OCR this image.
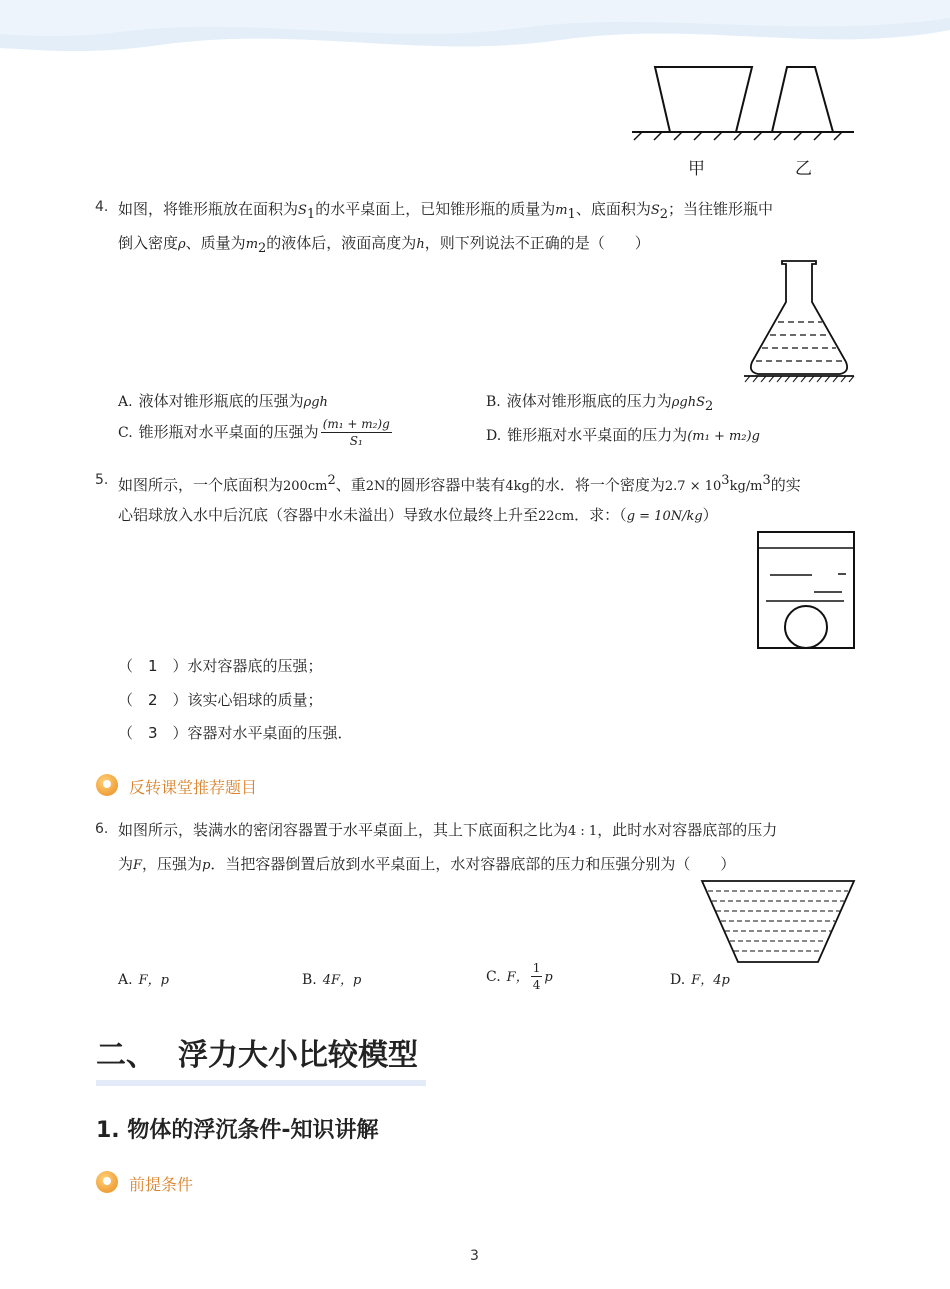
甲	乙
4. 如图，将锥形瓶放在面积为$S_1$的水平桌面上，已知锥形瓶的质量为$m_1$、底面积为$S_2$；当往锥形瓶中
倒入密度ρ、质量为$m_2$的液体后，液面高度为h，则下列说法不正确的是（　　）
A. 液体对锥形瓶底的压强为ρgh	B. 液体对锥形瓶底的压力为ρghS$_2$
C. 锥形瓶对水平桌面的压强为 $\frac{\text{(m₁ + m₂)g}}{\text{S₁}}$	D. 锥形瓶对水平桌面的压力为(m₁ + m₂)g
5. 如图所示，一个底面积为$200cm^2$、重2N的圆形容器中装有4kg的水．将一个密度为$2.7 \times 10^3kg/m^3$的实
心铝球放入水中后沉底（容器中水未溢出）导致水位最终上升至22cm．求：（g = 10N/kg）
（　1　）水对容器底的压强；
（　2　）该实心铝球的质量；
（　3　）容器对水平桌面的压强．
反转课堂推荐题目
6. 如图所示，装满水的密闭容器置于水平桌面上，其上下底面积之比为4 : 1，此时水对容器底部的压力
为F，压强为p．当把容器倒置后放到水平桌面上，水对容器底部的压力和压强分别为（　　）
A. F，p	B. 4F，p	C. F， $\frac{1}{4}$ p	D. F，4p
二、 浮力大小比较模型
1. 物体的浮沉条件-知识讲解
前提条件
3
